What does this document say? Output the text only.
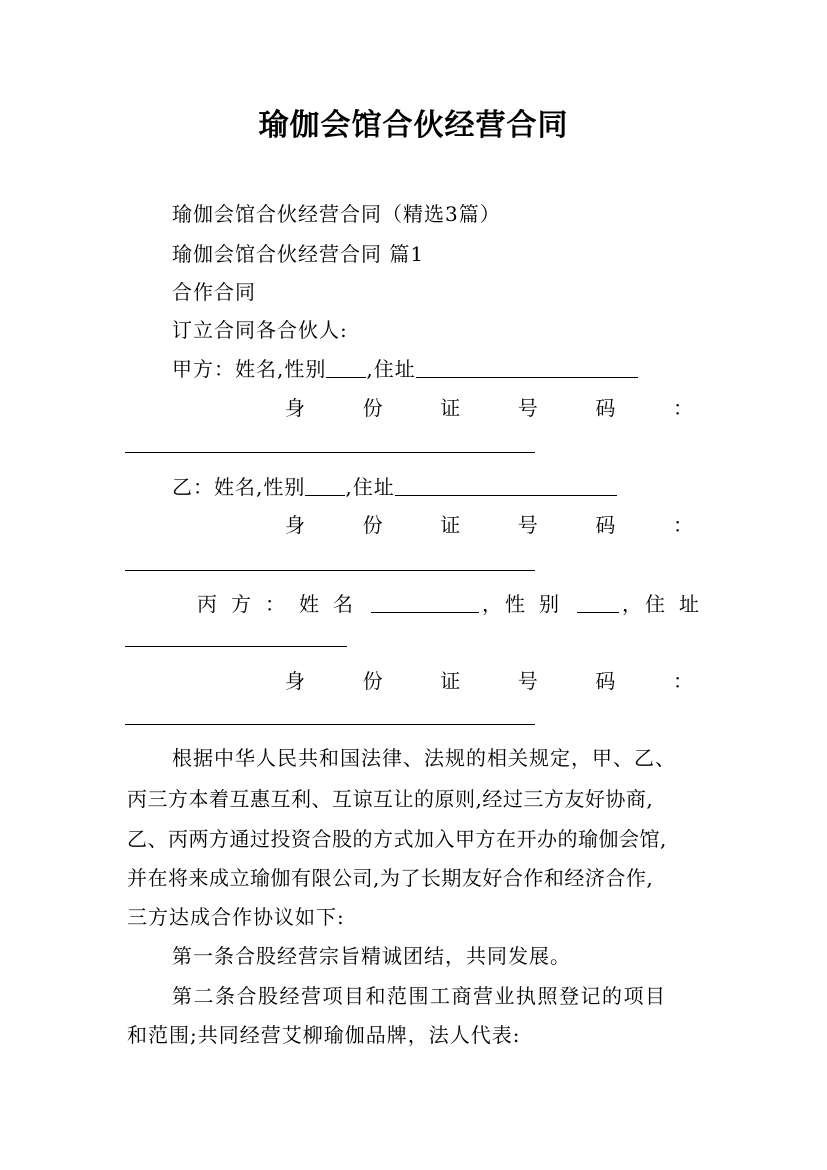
瑜伽会馆合伙经营合同
瑜伽会馆合伙经营合同（精选3篇）
瑜伽会馆合伙经营合同 篇1
合作合同
订立合同各合伙人:
甲方：姓名,性别 ,住址
身	份	证	号	码	：
乙：姓名,性别 ,住址
身	份	证	号	码	：
丙 方 ： 姓 名	， 性 别	， 住 址
身	份	证	号	码	：
根据中华人民共和国法律、法规的相关规定，甲、乙、
丙三方本着互惠互利、互谅互让的原则,经过三方友好协商,
乙、丙两方通过投资合股的方式加入甲方在开办的瑜伽会馆,
并在将来成立瑜伽有限公司,为了长期友好合作和经济合作,
三方达成合作协议如下:
第一条合股经营宗旨精诚团结，共同发展。
第二条合股经营项目和范围工商营业执照登记的项目
和范围;共同经营艾柳瑜伽品牌，法人代表:
